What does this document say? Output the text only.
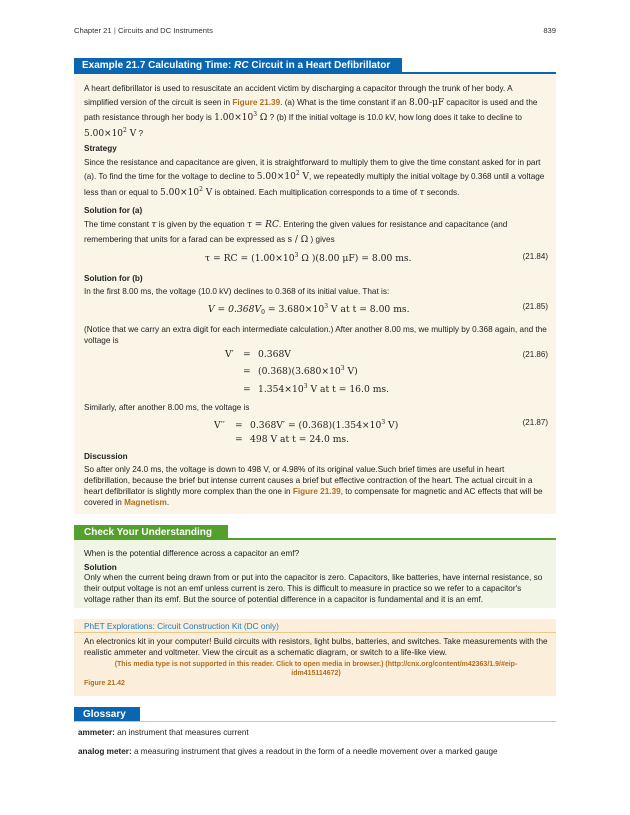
Chapter 21 | Circuits and DC Instruments	839
Example 21.7 Calculating Time: RC Circuit in a Heart Defibrillator
A heart defibrillator is used to resuscitate an accident victim by discharging a capacitor through the trunk of her body. A simplified version of the circuit is seen in Figure 21.39. (a) What is the time constant if an 8.00-μF capacitor is used and the path resistance through her body is $1.00\times 10^3$ Ω ? (b) If the initial voltage is 10.0 kV, how long does it take to decline to $5.00\times 10^2$ V ?
Strategy
Since the resistance and capacitance are given, it is straightforward to multiply them to give the time constant asked for in part (a). To find the time for the voltage to decline to $5.00\times 10^2$ V, we repeatedly multiply the initial voltage by 0.368 until a voltage less than or equal to $5.00\times 10^2$ V is obtained. Each multiplication corresponds to a time of τ seconds.
Solution for (a)
The time constant τ is given by the equation τ = RC. Entering the given values for resistance and capacitance (and remembering that units for a farad can be expressed as s / Ω ) gives
τ = RC = ($1.00\times 10^3$ Ω )(8.00 μF) = 8.00 ms.	(21.84)
Solution for (b)
In the first 8.00 ms, the voltage (10.0 kV) declines to 0.368 of its initial value. That is:
$V = 0.368V_0 = 3.680\times 10^3$ V at t = 8.00 ms.	(21.85)
(Notice that we carry an extra digit for each intermediate calculation.) After another 8.00 ms, we multiply by 0.368 again, and the voltage is
V′ = 0.368V
= $(0.368)(3.680\times 10^3$ V)
= $1.354\times 10^3$ V at t = 16.0 ms.
(21.86)
Similarly, after another 8.00 ms, the voltage is
$V'' = 0.368V' = (0.368)(1.354\times 10^3$ V)
= 498 V at t = 24.0 ms.
(21.87)
Discussion
So after only 24.0 ms, the voltage is down to 498 V, or 4.98% of its original value.Such brief times are useful in heart defibrillation, because the brief but intense current causes a brief but effective contraction of the heart. The actual circuit in a heart defibrillator is slightly more complex than the one in Figure 21.39, to compensate for magnetic and AC effects that will be covered in Magnetism.
Check Your Understanding
When is the potential difference across a capacitor an emf?
Solution
Only when the current being drawn from or put into the capacitor is zero. Capacitors, like batteries, have internal resistance, so their output voltage is not an emf unless current is zero. This is difficult to measure in practice so we refer to a capacitor's voltage rather than its emf. But the source of potential difference in a capacitor is fundamental and it is an emf.
PhET Explorations: Circuit Construction Kit (DC only)
An electronics kit in your computer! Build circuits with resistors, light bulbs, batteries, and switches. Take measurements with the realistic ammeter and voltmeter. View the circuit as a schematic diagram, or switch to a life-like view.
(This media type is not supported in this reader. Click to open media in browser.) (http://cnx.org/content/m42363/1.9/#eip-
idm415114672)
Figure 21.42
Glossary
ammeter: an instrument that measures current
analog meter: a measuring instrument that gives a readout in the form of a needle movement over a marked gauge
